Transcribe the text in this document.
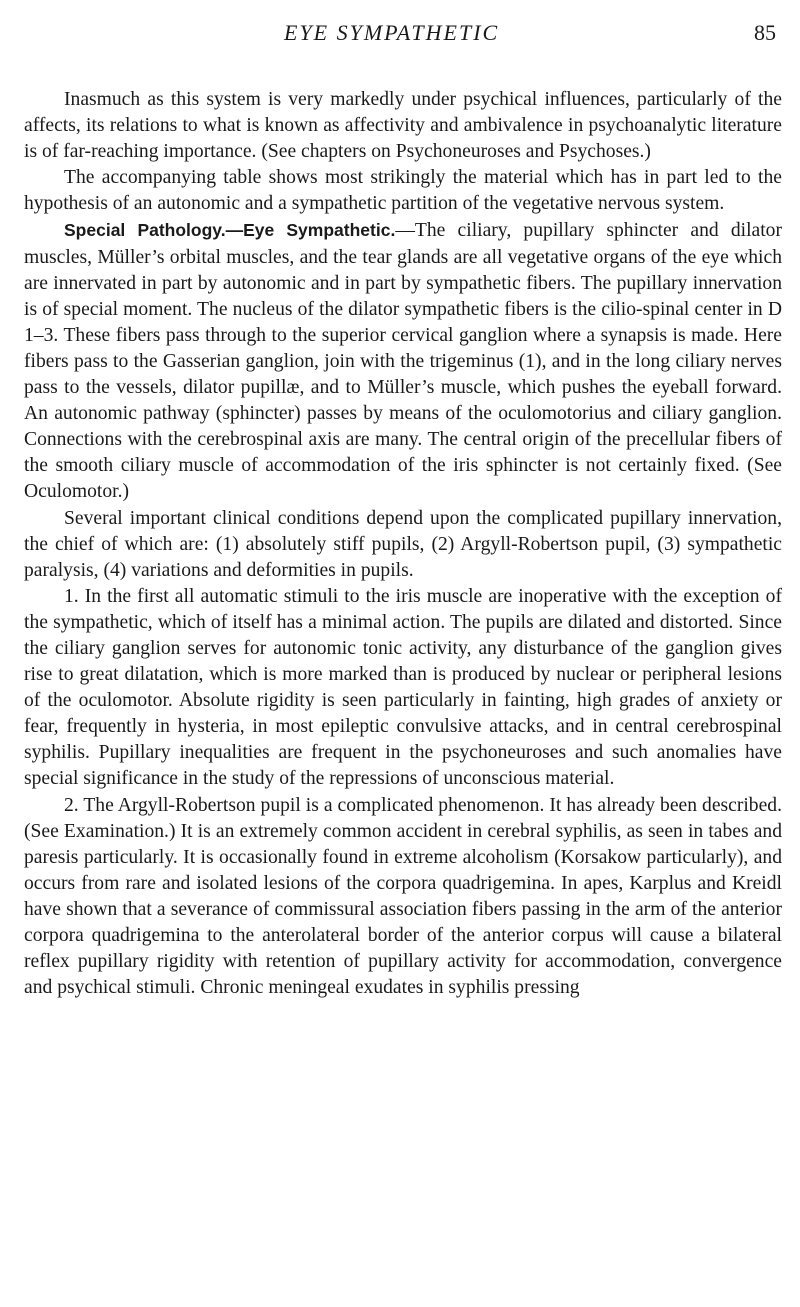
EYE SYMPATHETIC	85

Inasmuch as this system is very markedly under psychical influences, particularly of the affects, its relations to what is known as affectivity and ambivalence in psychoanalytic literature is of far-reaching importance. (See chapters on Psychoneuroses and Psychoses.)

The accompanying table shows most strikingly the material which has in part led to the hypothesis of an autonomic and a sympathetic partition of the vegetative nervous system.

Special Pathology.—Eye Sympathetic.—The ciliary, pupillary sphincter and dilator muscles, Müller’s orbital muscles, and the tear glands are all vegetative organs of the eye which are innervated in part by autonomic and in part by sympathetic fibers. The pupillary innervation is of special moment. The nucleus of the dilator sympathetic fibers is the cilio-spinal center in D 1–3. These fibers pass through to the superior cervical ganglion where a synapsis is made. Here fibers pass to the Gasserian ganglion, join with the trigeminus (1), and in the long ciliary nerves pass to the vessels, dilator pupillæ, and to Müller’s muscle, which pushes the eyeball forward. An autonomic pathway (sphincter) passes by means of the oculomotorius and ciliary ganglion. Connections with the cerebrospinal axis are many. The central origin of the precellular fibers of the smooth ciliary muscle of accommodation of the iris sphincter is not certainly fixed. (See Oculomotor.)

Several important clinical conditions depend upon the complicated pupillary innervation, the chief of which are: (1) absolutely stiff pupils, (2) Argyll-Robertson pupil, (3) sympathetic paralysis, (4) variations and deformities in pupils.

1. In the first all automatic stimuli to the iris muscle are inoperative with the exception of the sympathetic, which of itself has a minimal action. The pupils are dilated and distorted. Since the ciliary ganglion serves for autonomic tonic activity, any disturbance of the ganglion gives rise to great dilatation, which is more marked than is produced by nuclear or peripheral lesions of the oculomotor. Absolute rigidity is seen particularly in fainting, high grades of anxiety or fear, frequently in hysteria, in most epileptic convulsive attacks, and in central cerebrospinal syphilis. Pupillary inequalities are frequent in the psychoneuroses and such anomalies have special significance in the study of the repressions of unconscious material.

2. The Argyll-Robertson pupil is a complicated phenomenon. It has already been described. (See Examination.) It is an extremely common accident in cerebral syphilis, as seen in tabes and paresis particularly. It is occasionally found in extreme alcoholism (Korsakow particularly), and occurs from rare and isolated lesions of the corpora quadrigemina. In apes, Karplus and Kreidl have shown that a severance of commissural association fibers passing in the arm of the anterior corpora quadrigemina to the anterolateral border of the anterior corpus will cause a bilateral reflex pupillary rigidity with retention of pupillary activity for accommodation, convergence and psychical stimuli. Chronic meningeal exudates in syphilis pressing
